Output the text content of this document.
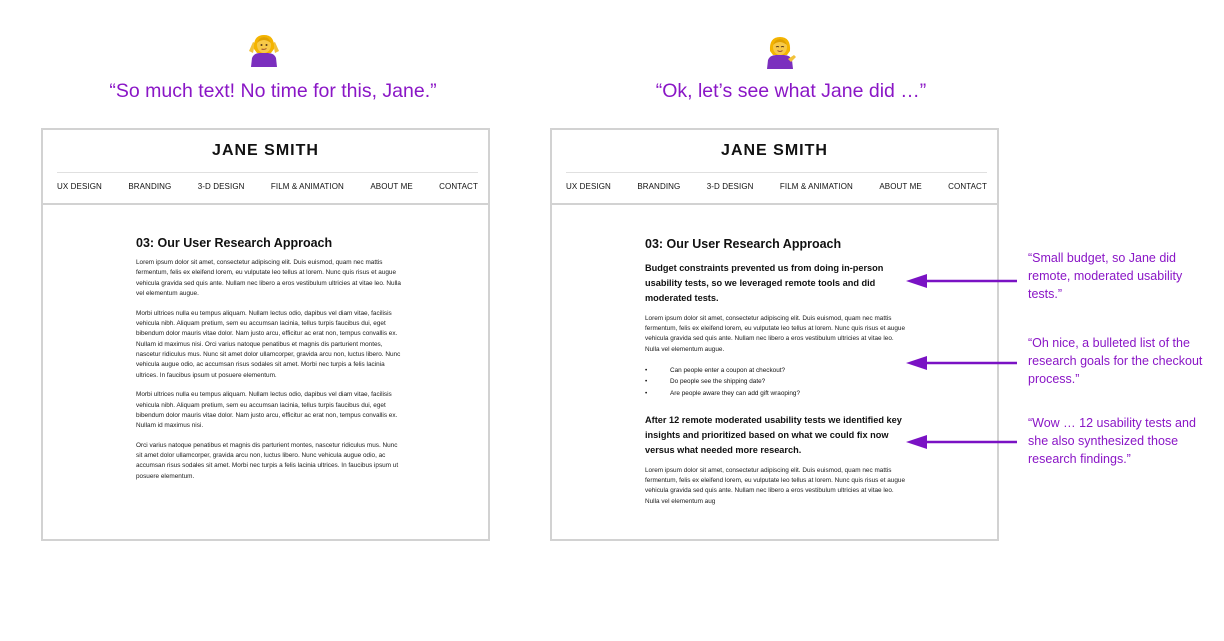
“So much text! No time for this, Jane.”	“Ok, let’s see what Jane did …”
JANE SMITH
UX DESIGN	BRANDING	3-D DESIGN	FILM & ANIMATION	ABOUT ME	CONTACT
03: Our User Research Approach

Lorem ipsum dolor sit amet, consectetur adipiscing elit. Duis euismod, quam nec mattis fermentum, felis ex eleifend lorem, eu vulputate leo tellus at lorem. Nunc quis risus et augue vehicula gravida sed quis ante. Nullam nec libero a eros vestibulum ultricies at vitae leo. Nulla vel elementum augue.

Morbi ultrices nulla eu tempus aliquam. Nullam lectus odio, dapibus vel diam vitae, facilisis vehicula nibh. Aliquam pretium, sem eu accumsan lacinia, tellus turpis faucibus dui, eget bibendum dolor mauris vitae dolor. Nam justo arcu, efficitur ac erat non, tempus convallis ex. Nullam id maximus nisi. Orci varius natoque penatibus et magnis dis parturient montes, nascetur ridiculus mus. Nunc sit amet dolor ullamcorper, gravida arcu non, luctus libero. Nunc vehicula augue odio, ac accumsan risus sodales sit amet. Morbi nec turpis a felis lacinia ultrices. In faucibus ipsum ut posuere elementum.

Morbi ultrices nulla eu tempus aliquam. Nullam lectus odio, dapibus vel diam vitae, facilisis vehicula nibh. Aliquam pretium, sem eu accumsan lacinia, tellus turpis faucibus dui, eget bibendum dolor mauris vitae dolor. Nam justo arcu, efficitur ac erat non, tempus convallis ex. Nullam id maximus nisi.

Orci varius natoque penatibus et magnis dis parturient montes, nascetur ridiculus mus. Nunc sit amet dolor ullamcorper, gravida arcu non, luctus libero. Nunc vehicula augue odio, ac accumsan risus sodales sit amet. Morbi nec turpis a felis lacinia ultrices. In faucibus ipsum ut posuere elementum.

JANE SMITH
UX DESIGN	BRANDING	3-D DESIGN	FILM & ANIMATION	ABOUT ME	CONTACT
03: Our User Research Approach

Budget constraints prevented us from doing in-person usability tests, so we leveraged remote tools and did moderated tests.

Lorem ipsum dolor sit amet, consectetur adipiscing elit. Duis euismod, quam nec mattis fermentum, felis ex eleifend lorem, eu vulputate leo tellus at lorem. Nunc quis risus et augue vehicula gravida sed quis ante. Nullam nec libero a eros vestibulum ultricies at vitae leo. Nulla vel elementum augue.

• Can people enter a coupon at checkout?
• Do people see the shipping date?
• Are people aware they can add gift wraoping?

After 12 remote moderated usability tests we identified key insights and prioritized based on what we could fix now versus what needed more research.

Lorem ipsum dolor sit amet, consectetur adipiscing elit. Duis euismod, quam nec mattis fermentum, felis ex eleifend lorem, eu vulputate leo tellus at lorem. Nunc quis risus et augue vehicula gravida sed quis ante. Nullam nec libero a eros vestibulum ultricies at vitae leo. Nulla vel elementum aug

“Small budget, so Jane did remote, moderated usability tests.”
“Oh nice, a bulleted list of the research goals for the checkout process.”
“Wow … 12 usability tests and she also synthesized those research findings.”
